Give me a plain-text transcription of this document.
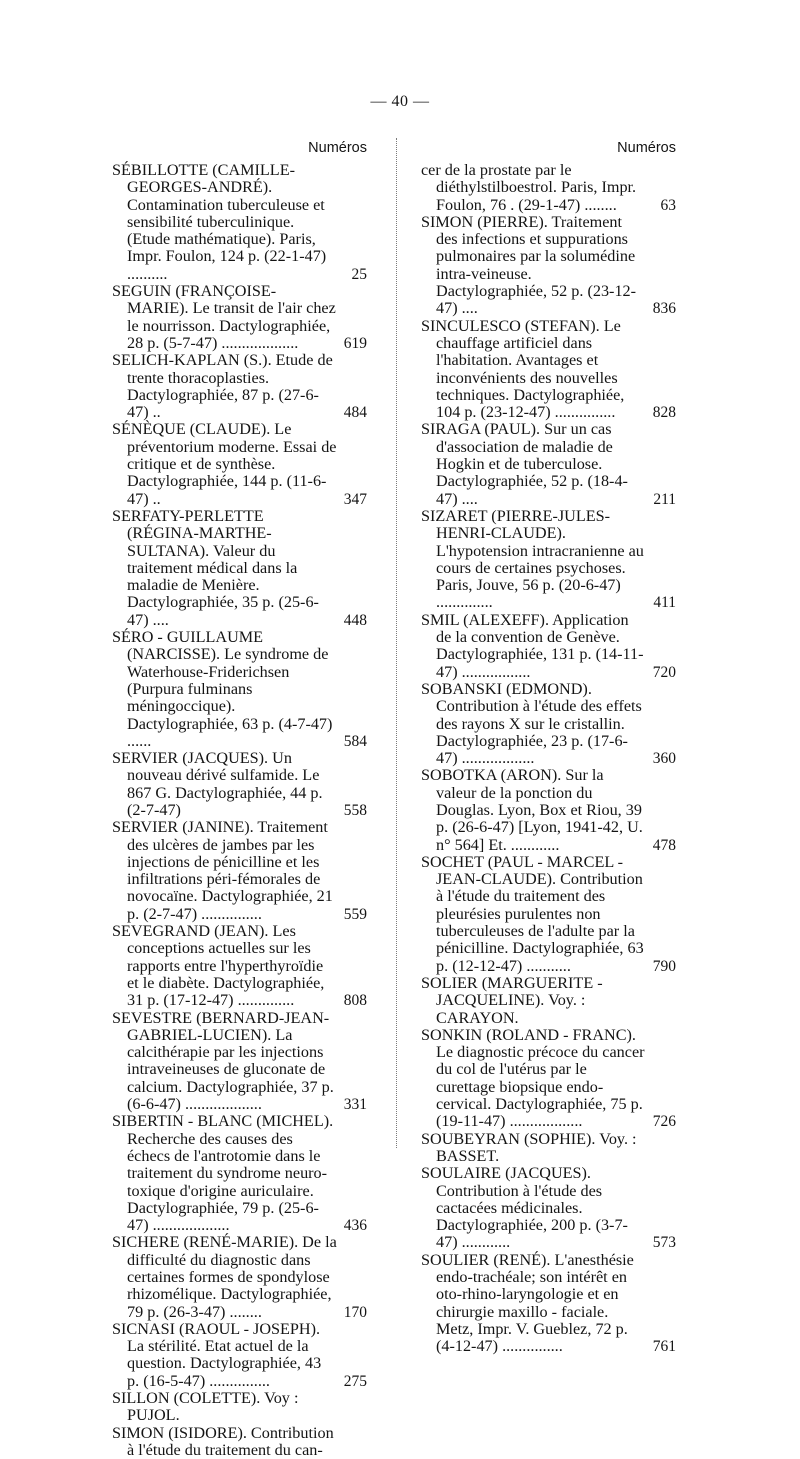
— 40 —
Numéros
SÉBILLOTTE (CAMILLE-GEORGES-ANDRÉ). Contamination tuberculeuse et sensibilité tuberculinique. (Etude mathématique). Paris, Impr. Foulon, 124 p. (22-1-47) ..........	25
SEGUIN (FRANÇOISE-MARIE). Le transit de l'air chez le nourrisson. Dactylographiée, 28 p. (5-7-47) ...................	619
SELICH-KAPLAN (S.). Etude de trente thoracoplasties. Dactylographiée, 87 p. (27-6-47) ..	484
SÉNÈQUE (CLAUDE). Le préventorium moderne. Essai de critique et de synthèse. Dactylographiée, 144 p. (11-6-47) ..	347
SERFATY-PERLETTE (RÉGINA-MARTHE-SULTANA). Valeur du traitement médical dans la maladie de Menière. Dactylographiée, 35 p. (25-6-47) ....	448
SÉRO - GUILLAUME (NARCISSE). Le syndrome de Waterhouse-Friderichsen (Purpura fulminans méningoccique). Dactylographiée, 63 p. (4-7-47) ......	584
SERVIER (JACQUES). Un nouveau dérivé sulfamide. Le 867 G. Dactylographiée, 44 p. (2-7-47)	558
SERVIER (JANINE). Traitement des ulcères de jambes par les injections de pénicilline et les infiltrations péri-fémorales de novocaïne. Dactylographiée, 21 p. (2-7-47) ...............	559
SEVEGRAND (JEAN). Les conceptions actuelles sur les rapports entre l'hyperthyroïdie et le diabète. Dactylographiée, 31 p. (17-12-47) ..............	808
SEVESTRE (BERNARD-JEAN-GABRIEL-LUCIEN). La calcithérapie par les injections intraveineuses de gluconate de calcium. Dactylographiée, 37 p. (6-6-47) ...................	331
SIBERTIN - BLANC (MICHEL). Recherche des causes des échecs de l'antrotomie dans le traitement du syndrome neuro-toxique d'origine auriculaire. Dactylographiée, 79 p. (25-6-47) ...................	436
SICHERE (RENÉ-MARIE). De la difficulté du diagnostic dans certaines formes de spondylose rhizomélique. Dactylographiée, 79 p. (26-3-47) ........	170
SICNASI (RAOUL - JOSEPH). La stérilité. Etat actuel de la question. Dactylographiée, 43 p. (16-5-47) ...............	275
SILLON (COLETTE). Voy : PUJOL.
SIMON (ISIDORE). Contribution à l'étude du traitement du can-
Numéros
cer de la prostate par le diéthylstilboestrol. Paris, Impr. Foulon, 76 . (29-1-47) ........	63
SIMON (PIERRE). Traitement des infections et suppurations pulmonaires par la solumédine intra-veineuse. Dactylographiée, 52 p. (23-12-47) ....	836
SINCULESCO (STEFAN). Le chauffage artificiel dans l'habitation. Avantages et inconvénients des nouvelles techniques. Dactylographiée, 104 p. (23-12-47) ............... 828
SIRAGA (PAUL). Sur un cas d'association de maladie de Hogkin et de tuberculose. Dactylographiée, 52 p. (18-4-47) ....	211
SIZARET (PIERRE-JULES-HENRI-CLAUDE). L'hypotension intracranienne au cours de certaines psychoses. Paris, Jouve, 56 p. (20-6-47) ..............	411
SMIL (ALEXEFF). Application de la convention de Genève. Dactylographiée, 131 p. (14-11-47) .................	720
SOBANSKI (EDMOND). Contribution à l'étude des effets des rayons X sur le cristallin. Dactylographiée, 23 p. (17-6-47) ..................	360
SOBOTKA (ARON). Sur la valeur de la ponction du Douglas. Lyon, Box et Riou, 39 p. (26-6-47) [Lyon, 1941-42, U. n° 564] Et. ............	478
SOCHET (PAUL - MARCEL - JEAN-CLAUDE). Contribution à l'étude du traitement des pleurésies purulentes non tuberculeuses de l'adulte par la pénicilline. Dactylographiée, 63 p. (12-12-47) ...........	790
SOLIER (MARGUERITE - JACQUELINE). Voy. : CARAYON.
SONKIN (ROLAND - FRANC). Le diagnostic précoce du cancer du col de l'utérus par le curettage biopsique endo-cervical. Dactylographiée, 75 p. (19-11-47) ..................	726
SOUBEYRAN (SOPHIE). Voy. : BASSET.
SOULAIRE (JACQUES). Contribution à l'étude des cactacées médicinales. Dactylographiée, 200 p. (3-7-47) ............	573
SOULIER (RENÉ). L'anesthésie endo-trachéale; son intérêt en oto-rhino-laryngologie et en chirurgie maxillo - faciale. Metz, Impr. V. Gueblez, 72 p. (4-12-47) ...............	761
